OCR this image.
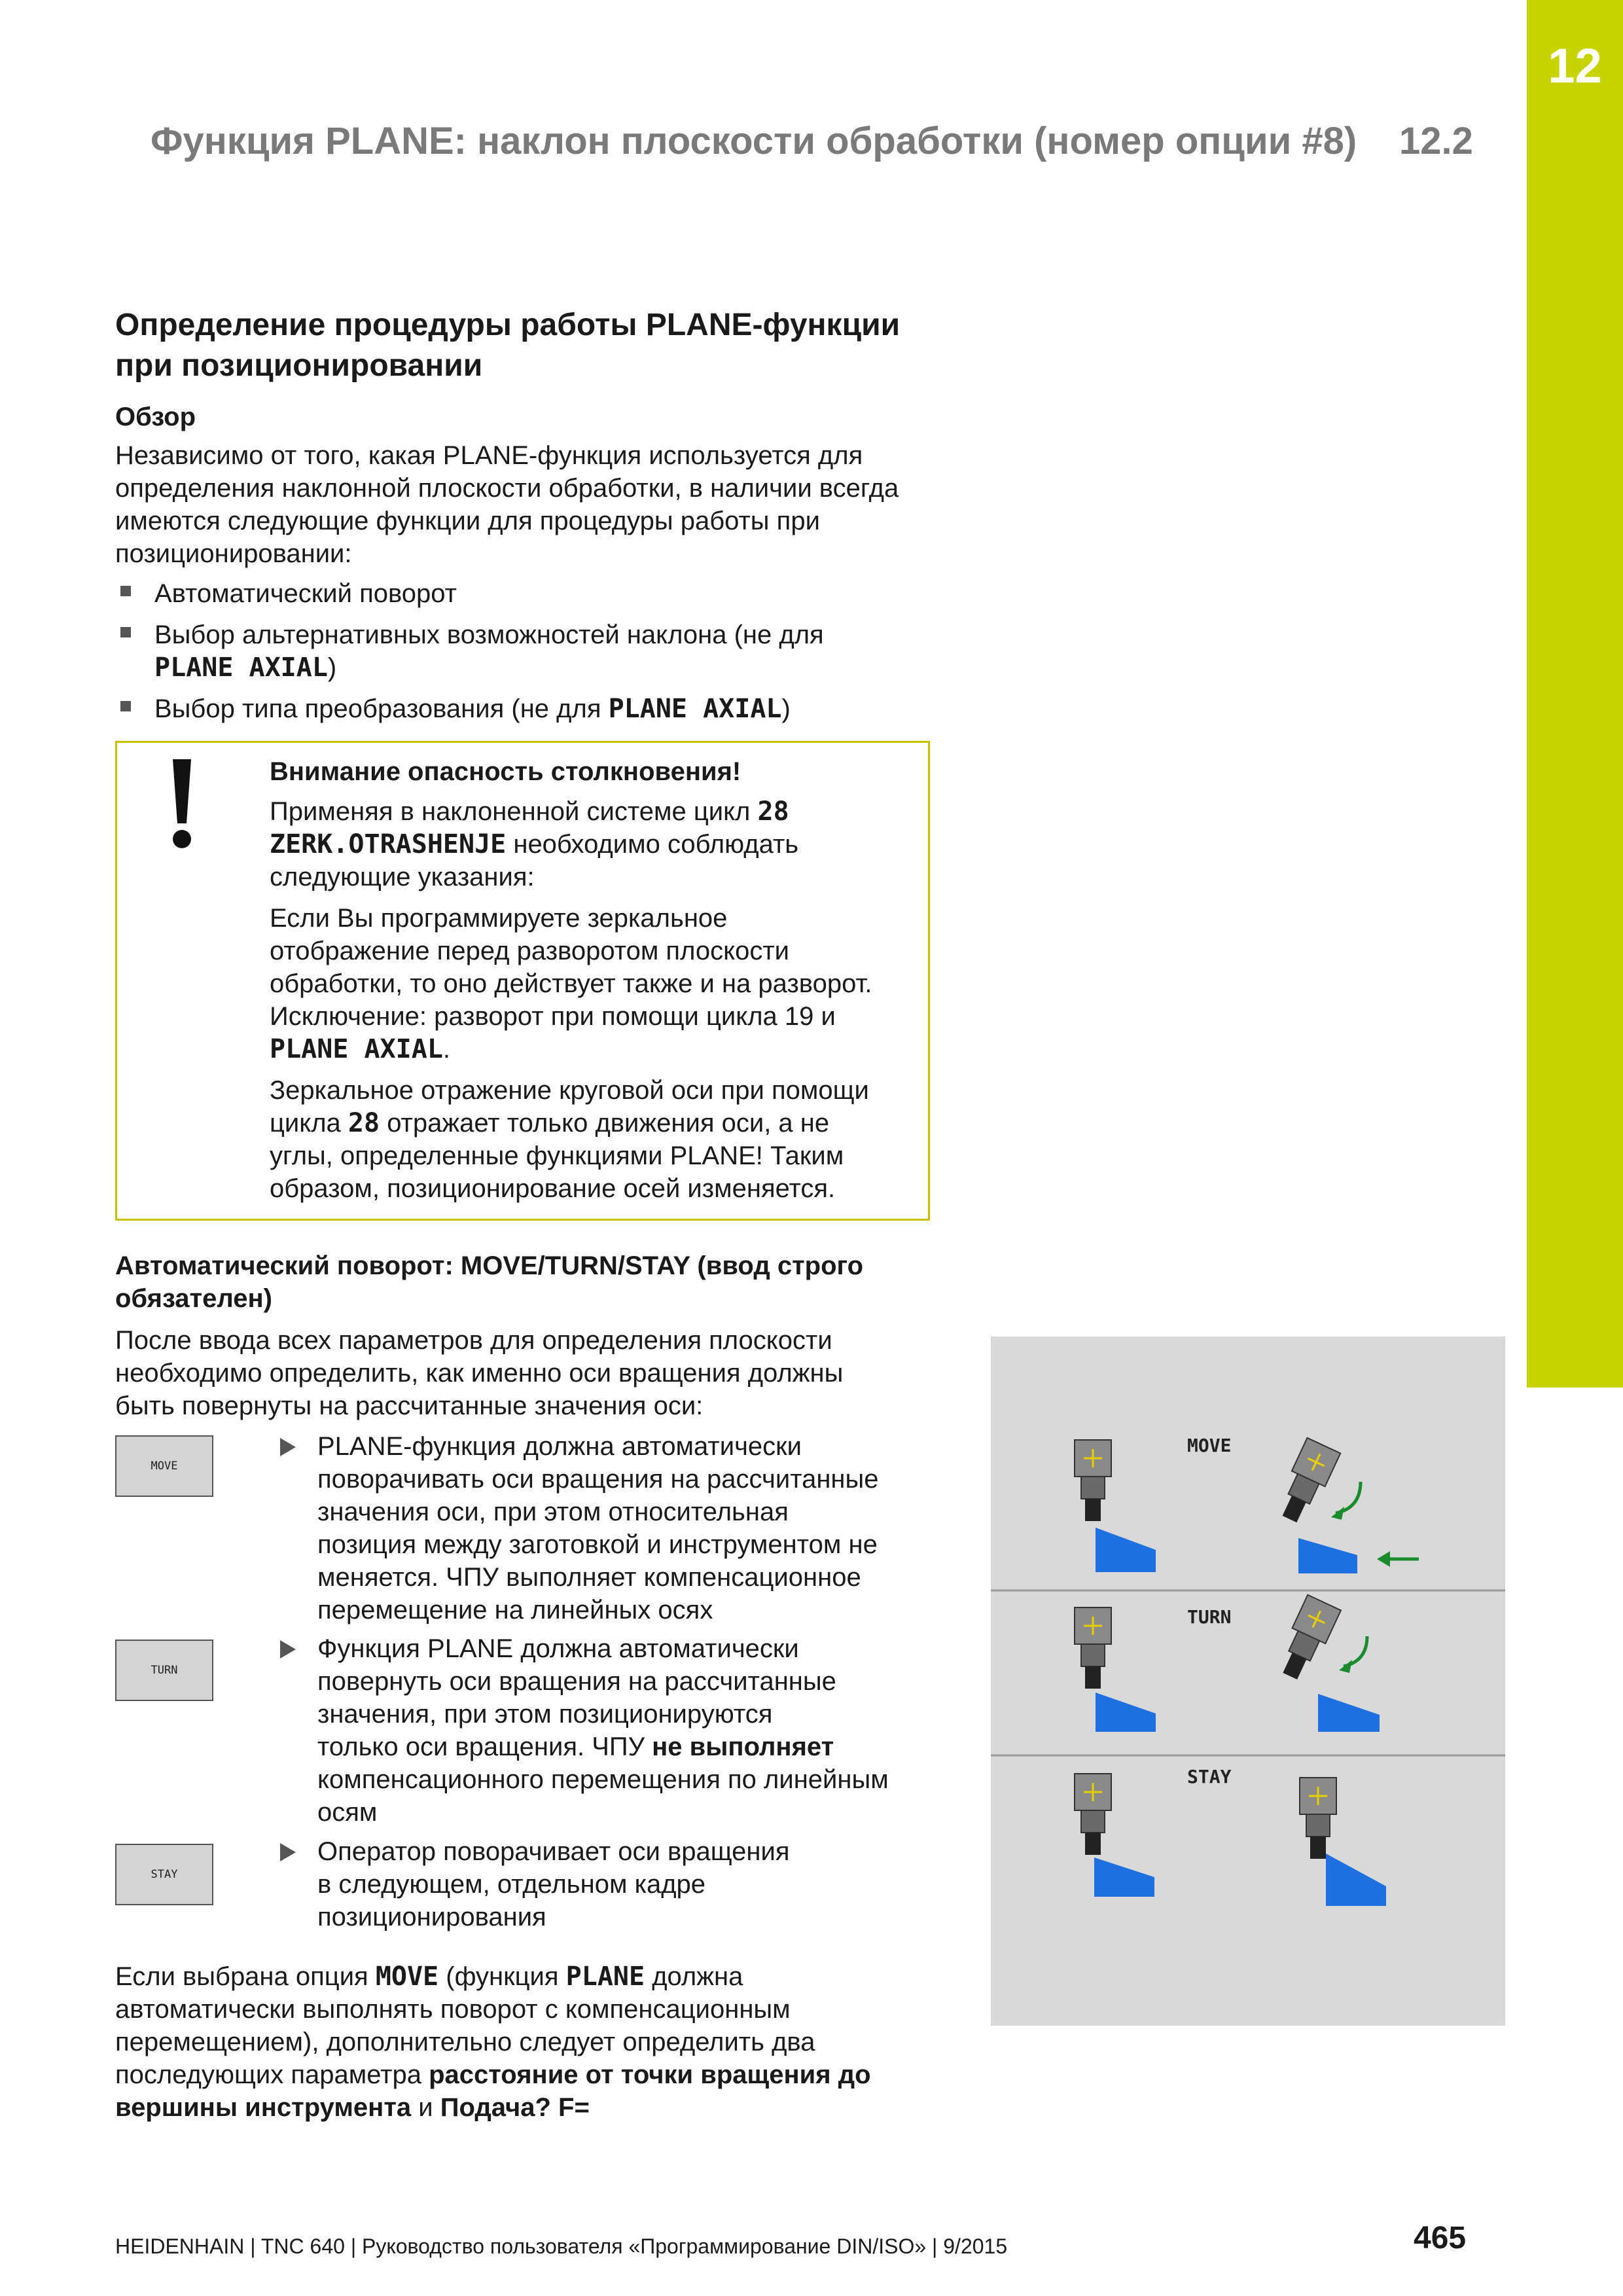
12
Функция PLANE: наклон плоскости обработки (номер опции #8) 12.2
Определение процедуры работы PLANE-функции
при позиционировании
Обзор
Независимо от того, какая PLANE-функция используется для
определения наклонной плоскости обработки, в наличии всегда
имеются следующие функции для процедуры работы при
позиционировании:
Автоматический поворот
Выбор альтернативных возможностей наклона (не для
PLANE AXIAL)
Выбор типа преобразования (не для PLANE AXIAL)
Внимание опасность столкновения!
Применяя в наклоненной системе цикл 28
ZERK.OTRASHENJE необходимо соблюдать
следующие указания:
Если Вы программируете зеркальное
отображение перед разворотом плоскости
обработки, то оно действует также и на разворот.
Исключение: разворот при помощи цикла 19 и
PLANE AXIAL.
Зеркальное отражение круговой оси при помощи
цикла 28 отражает только движения оси, а не
углы, определенные функциями PLANE! Таким
образом, позиционирование осей изменяется.
Автоматический поворот: MOVE/TURN/STAY (ввод строго
обязателен)
После ввода всех параметров для определения плоскости
необходимо определить, как именно оси вращения должны
быть повернуты на рассчитанные значения оси:
MOVE
PLANE-функция должна автоматически
поворачивать оси вращения на рассчитанные
значения оси, при этом относительная
позиция между заготовкой и инструментом не
меняется. ЧПУ выполняет компенсационное
перемещение на линейных осях
TURN
Функция PLANE должна автоматически
повернуть оси вращения на рассчитанные
значения, при этом позиционируются
только оси вращения. ЧПУ не выполняет
компенсационного перемещения по линейным
осям
STAY
Оператор поворачивает оси вращения
в следующем, отдельном кадре
позиционирования
Если выбрана опция MOVE (функция PLANE должна
автоматически выполнять поворот с компенсационным
перемещением), дополнительно следует определить два
последующих параметра расстояние от точки вращения до
вершины инструмента и Подача? F=
MOVE
TURN
STAY
HEIDENHAIN | TNC 640 | Руководство пользователя «Программирование DIN/ISO» | 9/2015	465
